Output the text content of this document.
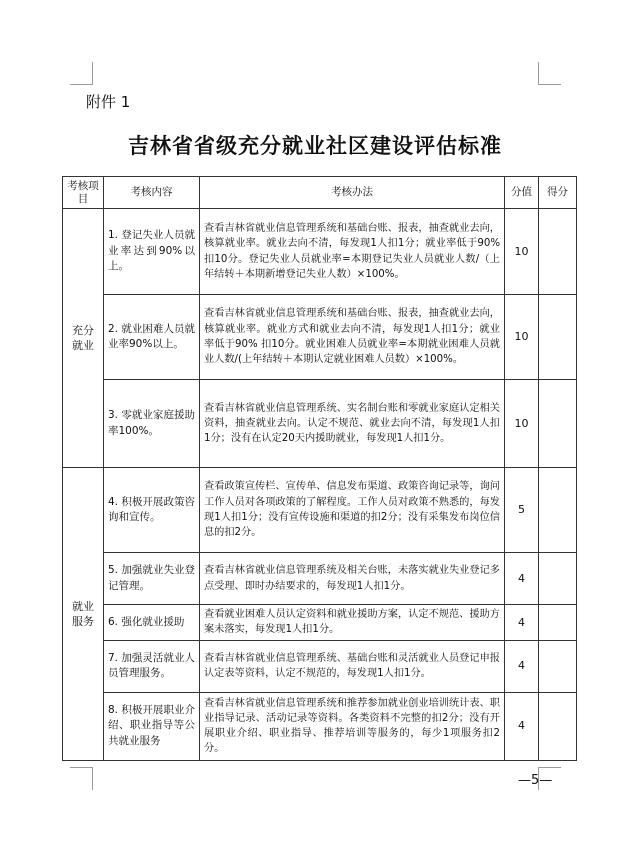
附件 1
吉林省省级充分就业社区建设评估标准
考核项目	考核内容	考核办法	分值	得分
充分就业	1. 登记失业人员就业率达到90%以上。	查看吉林省就业信息管理系统和基础台账、报表，抽查就业去向，核算就业率。就业去向不清，每发现1人扣1分；就业率低于90% 扣10分。登记失业人员就业率=本期登记失业人员就业人数/（上年结转＋本期新增登记失业人数）×100%。	10	
	2. 就业困难人员就业率90%以上。	查看吉林省就业信息管理系统和基础台账、报表，抽查就业去向，核算就业率。就业方式和就业去向不清，每发现1人扣1分；就业率低于90% 扣10分。就业困难人员就业率=本期就业困难人员就业人数/(上年结转＋本期认定就业困难人员数）×100%。	10	
	3. 零就业家庭援助率100%。	查看吉林省就业信息管理系统、实名制台账和零就业家庭认定相关资料，抽查就业去向。认定不规范、就业去向不清，每发现1人扣1分；没有在认定20天内援助就业，每发现1人扣1分。	10	
就业服务	4. 积极开展政策咨询和宣传。	查看政策宣传栏、宣传单、信息发布渠道、政策咨询记录等，询问工作人员对各项政策的了解程度。工作人员对政策不熟悉的，每发现1人扣1分；没有宣传设施和渠道的扣2分；没有采集发布岗位信息的扣2分。	5	
	5. 加强就业失业登记管理。	查看吉林省就业信息管理系统及相关台账，未落实就业失业登记多点受理、即时办结要求的，每发现1人扣1分。	4	
	6. 强化就业援助	查看就业困难人员认定资料和就业援助方案，认定不规范、援助方案未落实，每发现1人扣1分。	4	
	7. 加强灵活就业人员管理服务。	查看吉林省就业信息管理系统、基础台账和灵活就业人员登记申报认定表等资料，认定不规范的，每发现1人扣1分。	4	
	8. 积极开展职业介绍、职业指导等公共就业服务	查看吉林省就业信息管理系统和推荐参加就业创业培训统计表、职业指导记录、活动记录等资料。各类资料不完整的扣2分；没有开展职业介绍、职业指导、推荐培训等服务的，每少1项服务扣2分。	4	
—5—
